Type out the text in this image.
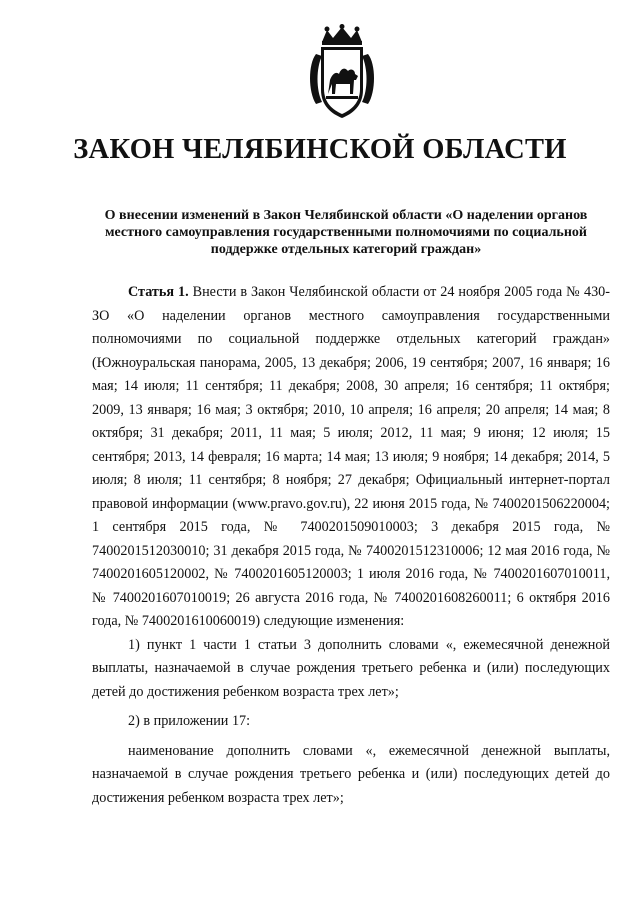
ЗАКОН ЧЕЛЯБИНСКОЙ ОБЛАСТИ
О внесении изменений в Закон Челябинской области «О наделении органов местного самоуправления государственными полномочиями по социальной поддержке отдельных категорий граждан»

Статья 1. Внести в Закон Челябинской области от 24 ноября 2005 года № 430-ЗО «О наделении органов местного самоуправления государственными полномочиями по социальной поддержке отдельных категорий граждан» (Южноуральская панорама, 2005, 13 декабря; 2006, 19 сентября; 2007, 16 января; 16 мая; 14 июля; 11 сентября; 11 декабря; 2008, 30 апреля; 16 сентября; 11 октября; 2009, 13 января; 16 мая; 3 октября; 2010, 10 апреля; 16 апреля; 20 апреля; 14 мая; 8 октября; 31 декабря; 2011, 11 мая; 5 июля; 2012, 11 мая; 9 июня; 12 июля; 15 сентября; 2013, 14 февраля; 16 марта; 14 мая; 13 июля; 9 ноября; 14 декабря; 2014, 5 июля; 8 июля; 11 сентября; 8 ноября; 27 декабря; Официальный интернет-портал правовой информации (www.pravo.gov.ru), 22 июня 2015 года, № 7400201506220004; 1 сентября 2015 года, № 7400201509010003; 3 декабря 2015 года, № 7400201512030010; 31 декабря 2015 года, № 7400201512310006; 12 мая 2016 года, № 7400201605120002, № 7400201605120003; 1 июля 2016 года, № 7400201607010011, № 7400201607010019; 26 августа 2016 года, № 7400201608260011; 6 октября 2016 года, № 7400201610060019) следующие изменения:

1) пункт 1 части 1 статьи 3 дополнить словами «, ежемесячной денежной выплаты, назначаемой в случае рождения третьего ребенка и (или) последующих детей до достижения ребенком возраста трех лет»;

2) в приложении 17:

наименование дополнить словами «, ежемесячной денежной выплаты, назначаемой в случае рождения третьего ребенка и (или) последующих детей до достижения ребенком возраста трех лет»;
